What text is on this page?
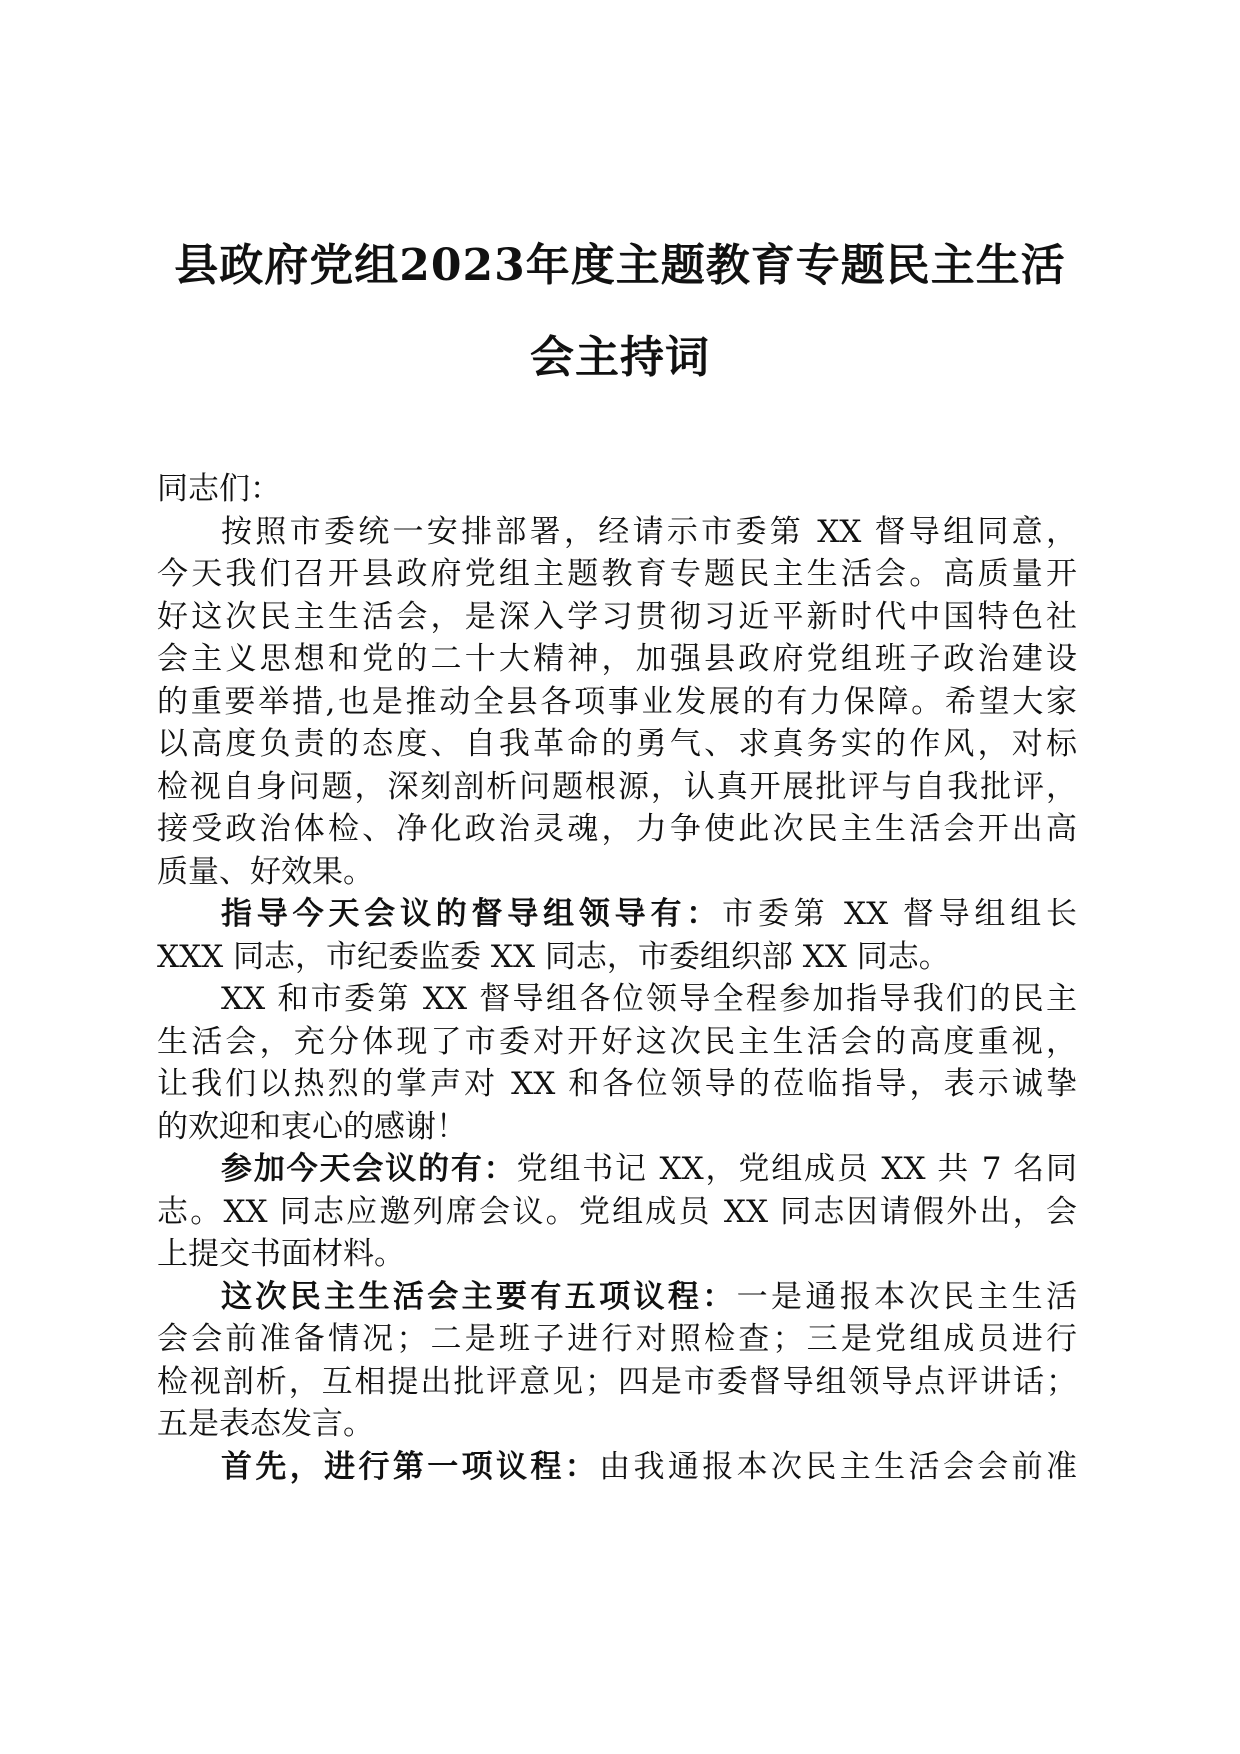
县政府党组2023年度主题教育专题民主生活
会主持词
同志们：
按照市委统一安排部署，经请示市委第 XX 督导组同意，
今天我们召开县政府党组主题教育专题民主生活会。高质量开
好这次民主生活会，是深入学习贯彻习近平新时代中国特色社
会主义思想和党的二十大精神，加强县政府党组班子政治建设
的重要举措,也是推动全县各项事业发展的有力保障。希望大家
以高度负责的态度、自我革命的勇气、求真务实的作风，对标
检视自身问题，深刻剖析问题根源，认真开展批评与自我批评，
接受政治体检、净化政治灵魂，力争使此次民主生活会开出高
质量、好效果。
指导今天会议的督导组领导有：市委第 XX 督导组组长
XXX 同志，市纪委监委 XX 同志，市委组织部 XX 同志。
XX 和市委第 XX 督导组各位领导全程参加指导我们的民主
生活会，充分体现了市委对开好这次民主生活会的高度重视，
让我们以热烈的掌声对 XX 和各位领导的莅临指导，表示诚挚
的欢迎和衷心的感谢！
参加今天会议的有：党组书记 XX，党组成员 XX 共 7 名同
志。XX 同志应邀列席会议。党组成员 XX 同志因请假外出，会
上提交书面材料。
这次民主生活会主要有五项议程：一是通报本次民主生活
会会前准备情况；二是班子进行对照检查；三是党组成员进行
检视剖析，互相提出批评意见；四是市委督导组领导点评讲话；
五是表态发言。
首先，进行第一项议程：由我通报本次民主生活会会前准
